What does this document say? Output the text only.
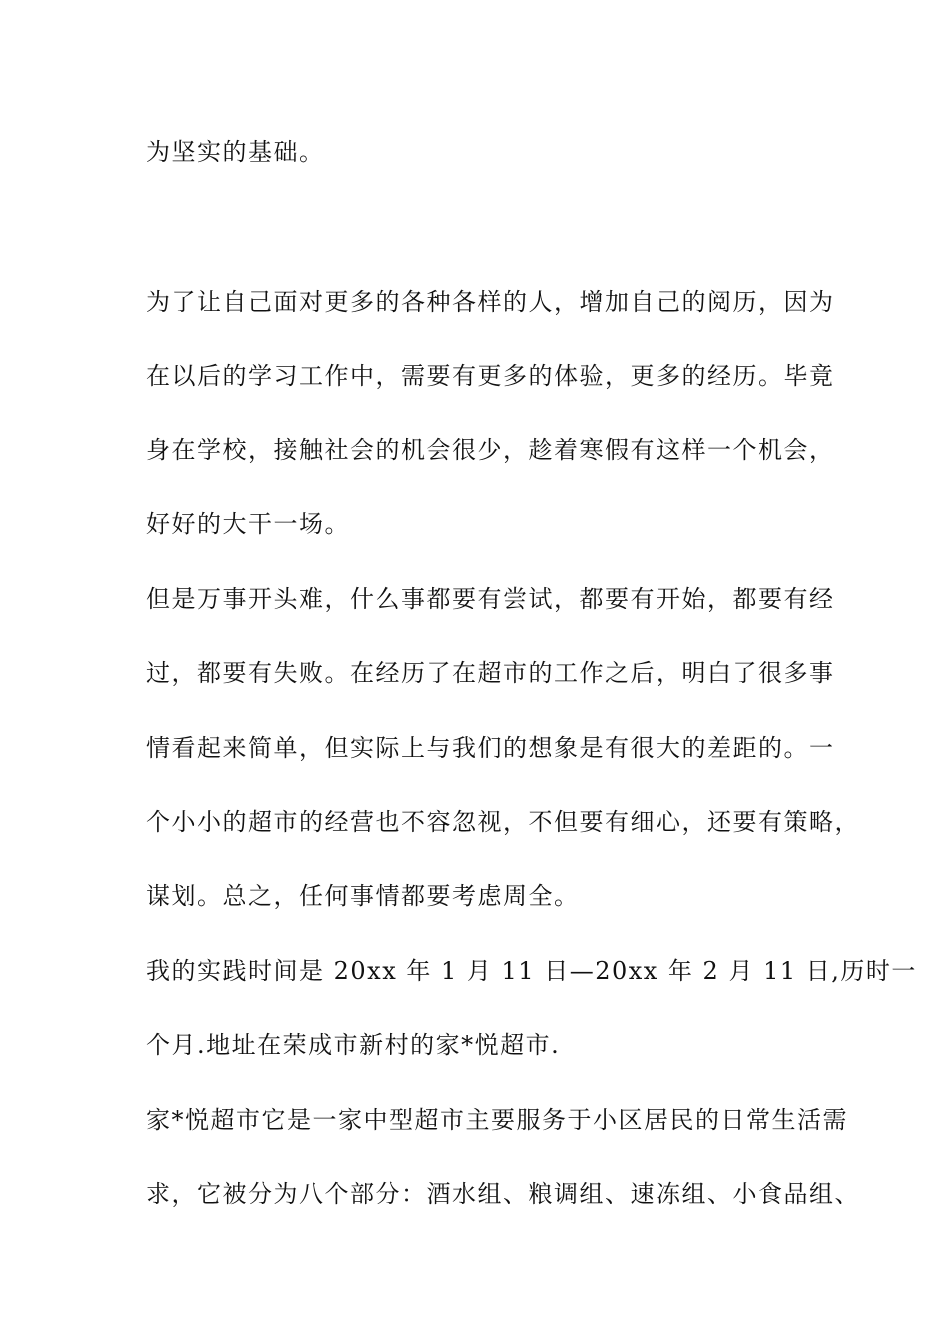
为坚实的基础。
为了让自己面对更多的各种各样的人，增加自己的阅历，因为
在以后的学习工作中，需要有更多的体验，更多的经历。毕竟
身在学校，接触社会的机会很少，趁着寒假有这样一个机会，
好好的大干一场。
但是万事开头难，什么事都要有尝试，都要有开始，都要有经
过，都要有失败。在经历了在超市的工作之后，明白了很多事
情看起来简单，但实际上与我们的想象是有很大的差距的。一
个小小的超市的经营也不容忽视，不但要有细心，还要有策略，
谋划。总之，任何事情都要考虑周全。
我的实践时间是 20xx 年 1 月 11 日—20xx 年 2 月 11 日,历时一
个月.地址在荣成市新村的家*悦超市.
家*悦超市它是一家中型超市主要服务于小区居民的日常生活需
求，它被分为八个部分：酒水组、粮调组、速冻组、小食品组、
